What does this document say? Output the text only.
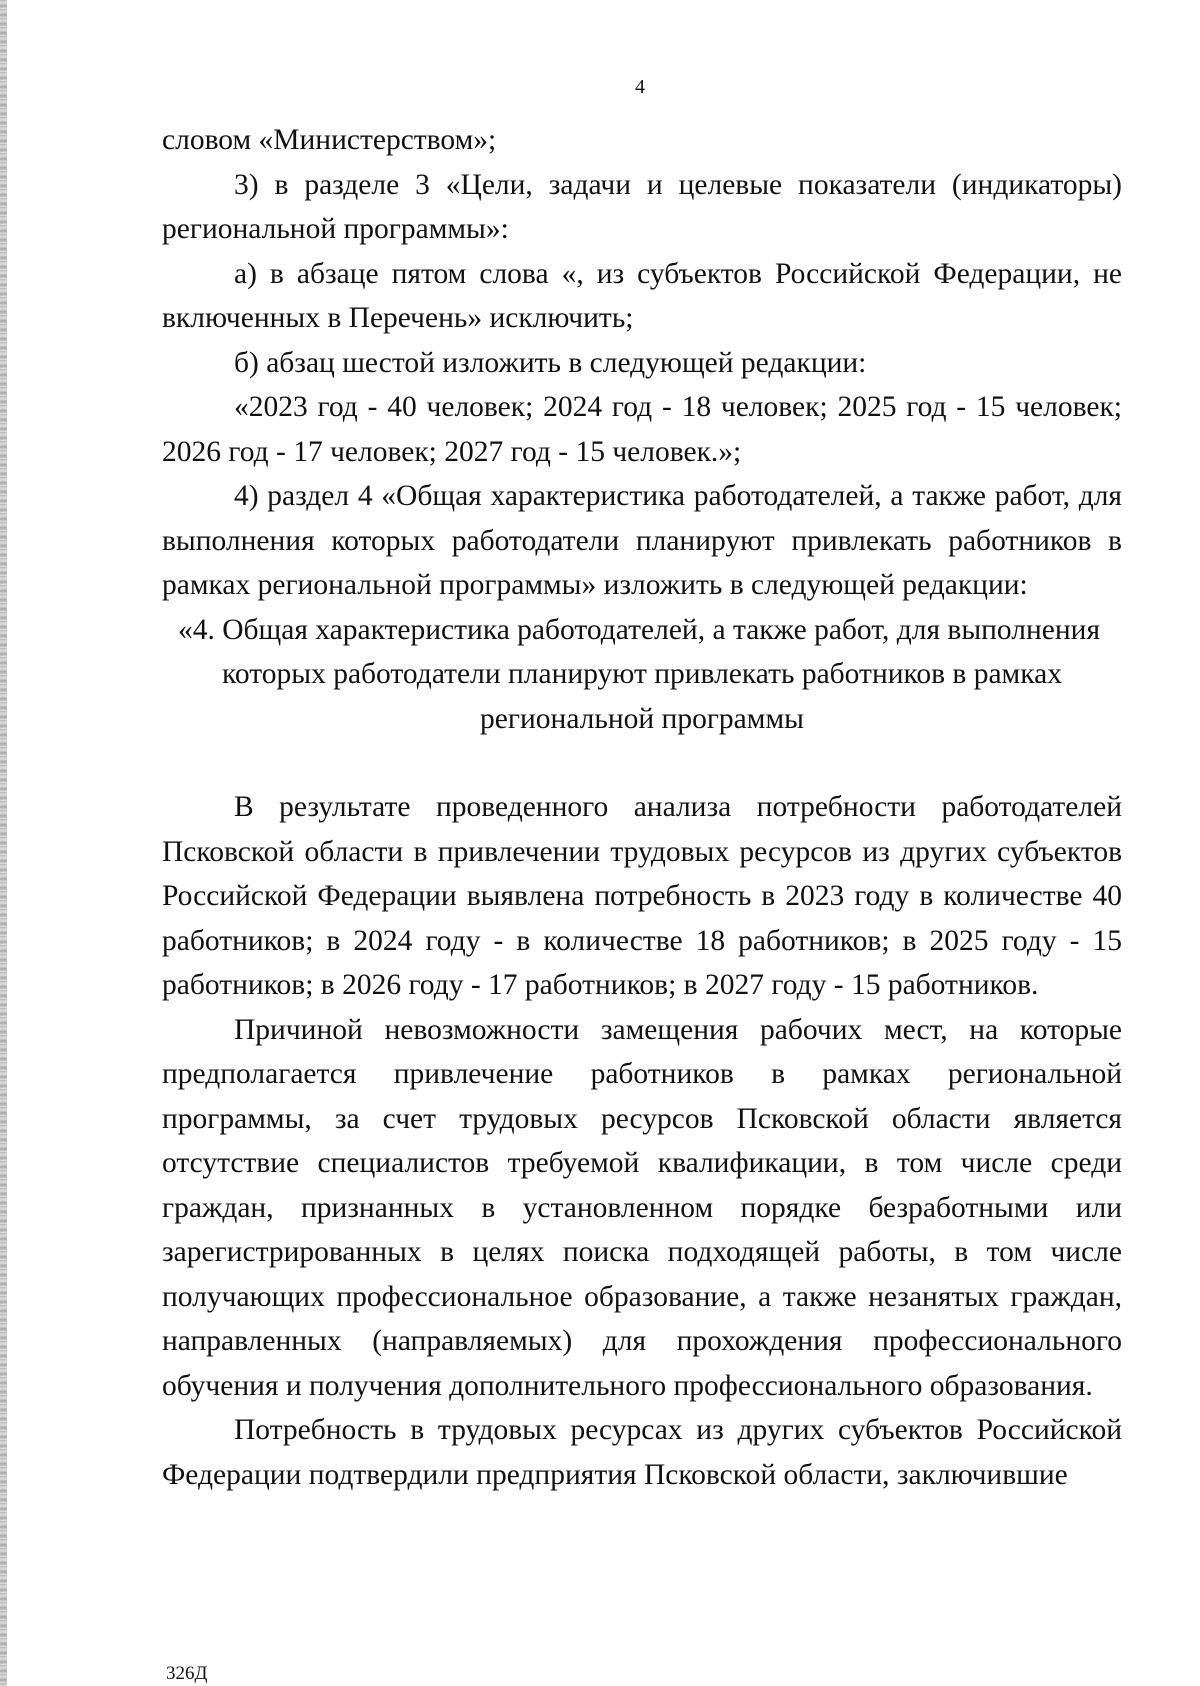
4

словом «Министерством»;

3) в разделе 3 «Цели, задачи и целевые показатели (индикаторы) региональной программы»:

а) в абзаце пятом слова «, из субъектов Российской Федерации, не включенных в Перечень» исключить;

б) абзац шестой изложить в следующей редакции:

«2023 год - 40 человек; 2024 год - 18 человек; 2025 год - 15 человек; 2026 год - 17 человек; 2027 год - 15 человек.»;

4) раздел 4 «Общая характеристика работодателей, а также работ, для выполнения которых работодатели планируют привлекать работников в рамках региональной программы» изложить в следующей редакции:

«4. Общая характеристика работодателей, а также работ, для выполнения
которых работодатели планируют привлекать работников в рамках
региональной программы

В результате проведенного анализа потребности работодателей Псковской области в привлечении трудовых ресурсов из других субъектов Российской Федерации выявлена потребность в 2023 году в количестве 40 работников; в 2024 году - в количестве 18 работников; в 2025 году - 15 работников; в 2026 году - 17 работников; в 2027 году - 15 работников.

Причиной невозможности замещения рабочих мест, на которые предполагается привлечение работников в рамках региональной программы, за счет трудовых ресурсов Псковской области является отсутствие специалистов требуемой квалификации, в том числе среди граждан, признанных в установленном порядке безработными или зарегистрированных в целях поиска подходящей работы, в том числе получающих профессиональное образование, а также незанятых граждан, направленных (направляемых) для прохождения профессионального обучения и получения дополнительного профессионального образования.

Потребность в трудовых ресурсах из других субъектов Российской Федерации подтвердили предприятия Псковской области, заключившие

326Д
